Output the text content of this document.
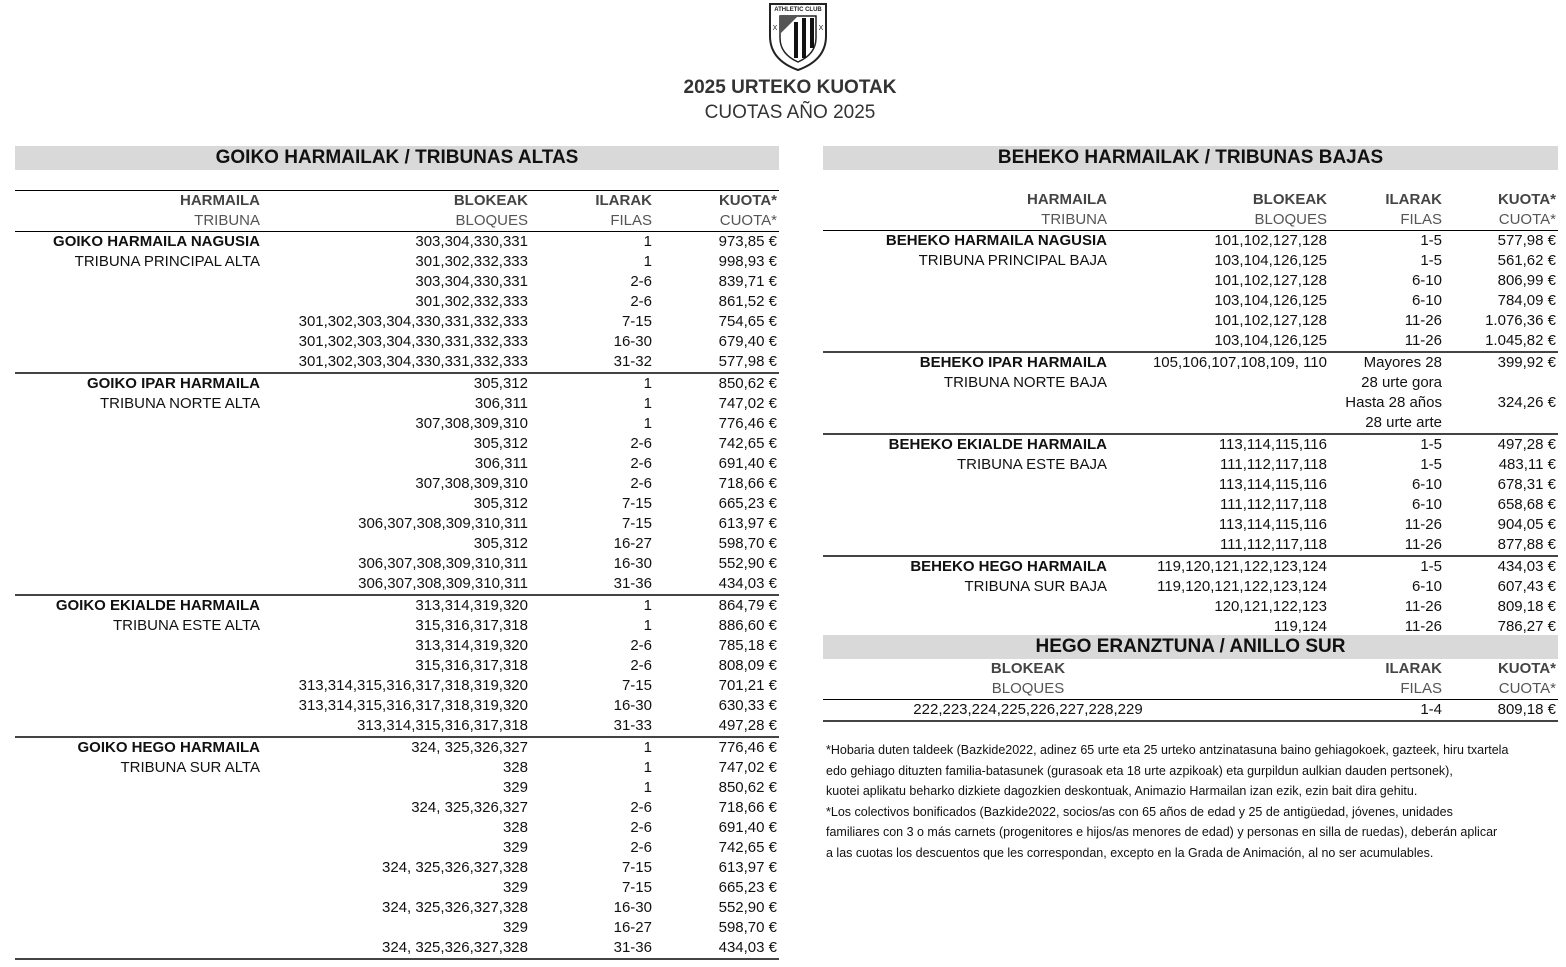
ATHLETIC CLUB
X	X
2025 URTEKO KUOTAK
CUOTAS AÑO 2025
GOIKO HARMAILAK / TRIBUNAS ALTAS
HARMAILA	BLOKEAK	ILARAK	KUOTA*
TRIBUNA	BLOQUES	FILAS	CUOTA*
GOIKO HARMAILA NAGUSIA	303,304,330,331	1	973,85 €
TRIBUNA PRINCIPAL ALTA	301,302,332,333	1	998,93 €
	303,304,330,331	2-6	839,71 €
	301,302,332,333	2-6	861,52 €
	301,302,303,304,330,331,332,333	7-15	754,65 €
	301,302,303,304,330,331,332,333	16-30	679,40 €
	301,302,303,304,330,331,332,333	31-32	577,98 €
GOIKO IPAR HARMAILA	305,312	1	850,62 €
TRIBUNA NORTE ALTA	306,311	1	747,02 €
	307,308,309,310	1	776,46 €
	305,312	2-6	742,65 €
	306,311	2-6	691,40 €
	307,308,309,310	2-6	718,66 €
	305,312	7-15	665,23 €
	306,307,308,309,310,311	7-15	613,97 €
	305,312	16-27	598,70 €
	306,307,308,309,310,311	16-30	552,90 €
	306,307,308,309,310,311	31-36	434,03 €
GOIKO EKIALDE HARMAILA	313,314,319,320	1	864,79 €
TRIBUNA ESTE ALTA	315,316,317,318	1	886,60 €
	313,314,319,320	2-6	785,18 €
	315,316,317,318	2-6	808,09 €
	313,314,315,316,317,318,319,320	7-15	701,21 €
	313,314,315,316,317,318,319,320	16-30	630,33 €
	313,314,315,316,317,318	31-33	497,28 €
GOIKO HEGO HARMAILA	324, 325,326,327	1	776,46 €
TRIBUNA SUR ALTA	328	1	747,02 €
	329	1	850,62 €
	324, 325,326,327	2-6	718,66 €
	328	2-6	691,40 €
	329	2-6	742,65 €
	324, 325,326,327,328	7-15	613,97 €
	329	7-15	665,23 €
	324, 325,326,327,328	16-30	552,90 €
	329	16-27	598,70 €
	324, 325,326,327,328	31-36	434,03 €
BEHEKO HARMAILAK / TRIBUNAS BAJAS
HARMAILA	BLOKEAK	ILARAK	KUOTA*
TRIBUNA	BLOQUES	FILAS	CUOTA*
BEHEKO HARMAILA NAGUSIA	101,102,127,128	1-5	577,98 €
TRIBUNA PRINCIPAL BAJA	103,104,126,125	1-5	561,62 €
	101,102,127,128	6-10	806,99 €
	103,104,126,125	6-10	784,09 €
	101,102,127,128	11-26	1.076,36 €
	103,104,126,125	11-26	1.045,82 €
BEHEKO IPAR HARMAILA	105,106,107,108,109, 110	Mayores 28	399,92 €
TRIBUNA NORTE BAJA		28 urte gora	
		Hasta 28 años	324,26 €
		28 urte arte	
BEHEKO EKIALDE HARMAILA	113,114,115,116	1-5	497,28 €
TRIBUNA ESTE BAJA	111,112,117,118	1-5	483,11 €
	113,114,115,116	6-10	678,31 €
	111,112,117,118	6-10	658,68 €
	113,114,115,116	11-26	904,05 €
	111,112,117,118	11-26	877,88 €
BEHEKO HEGO HARMAILA	119,120,121,122,123,124	1-5	434,03 €
TRIBUNA SUR BAJA	119,120,121,122,123,124	6-10	607,43 €
	120,121,122,123	11-26	809,18 €
	119,124	11-26	786,27 €
HEGO ERANZTUNA / ANILLO SUR
BLOKEAK	ILARAK	KUOTA*
BLOQUES	FILAS	CUOTA*
222,223,224,225,226,227,228,229	1-4	809,18 €
*Hobaria duten taldeek (Bazkide2022, adinez 65 urte eta 25 urteko antzinatasuna baino gehiagokoek, gazteek, hiru txartela
edo gehiago dituzten familia-batasunek (gurasoak eta 18 urte azpikoak) eta gurpildun aulkian dauden pertsonek),
kuotei aplikatu beharko dizkiete dagozkien deskontuak, Animazio Harmailan izan ezik, ezin bait dira gehitu.
*Los colectivos bonificados (Bazkide2022, socios/as con 65 años de edad y 25 de antigüedad, jóvenes, unidades
familiares con 3 o más carnets (progenitores e hijos/as menores de edad) y personas en silla de ruedas), deberán aplicar
a las cuotas los descuentos que les correspondan, excepto en la Grada de Animación, al no ser acumulables.
